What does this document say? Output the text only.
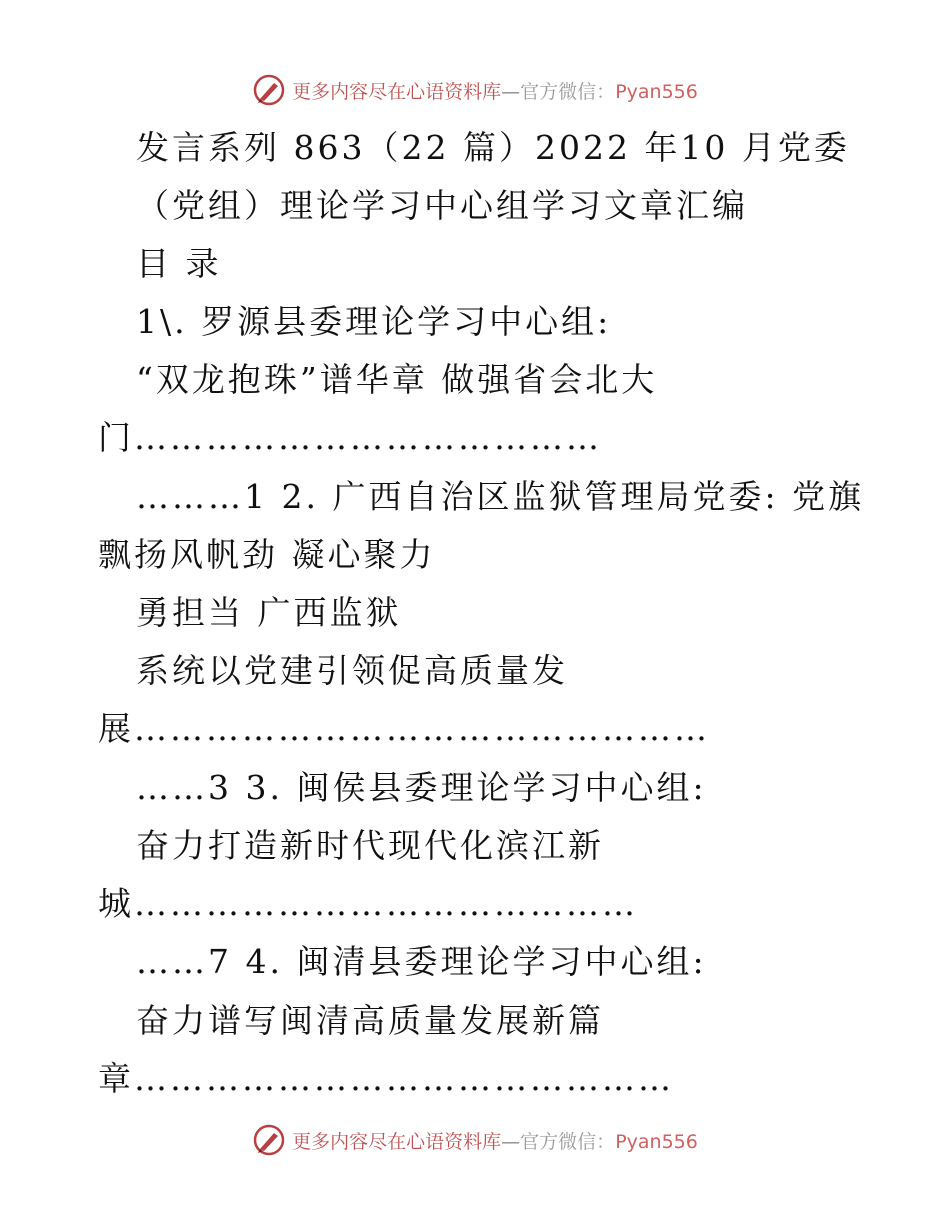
更多内容尽在心语资料库—官方微信：Pyan556
发言系列 863（22 篇）2022 年10 月党委
（党组）理论学习中心组学习文章汇编
目 录
1\. 罗源县委理论学习中心组:
“双龙抱珠”谱华章 做强省会北大
门…………………………………
………1 2. 广西自治区监狱管理局党委: 党旗
飘扬风帆劲 凝心聚力
勇担当 广西监狱
系统以党建引领促高质量发
展…………………………………………
……3 3. 闽侯县委理论学习中心组:
奋力打造新时代现代化滨江新
城……………………………………
……7 4. 闽清县委理论学习中心组:
奋力谱写闽清高质量发展新篇
章………………………………………
更多内容尽在心语资料库—官方微信：Pyan556
